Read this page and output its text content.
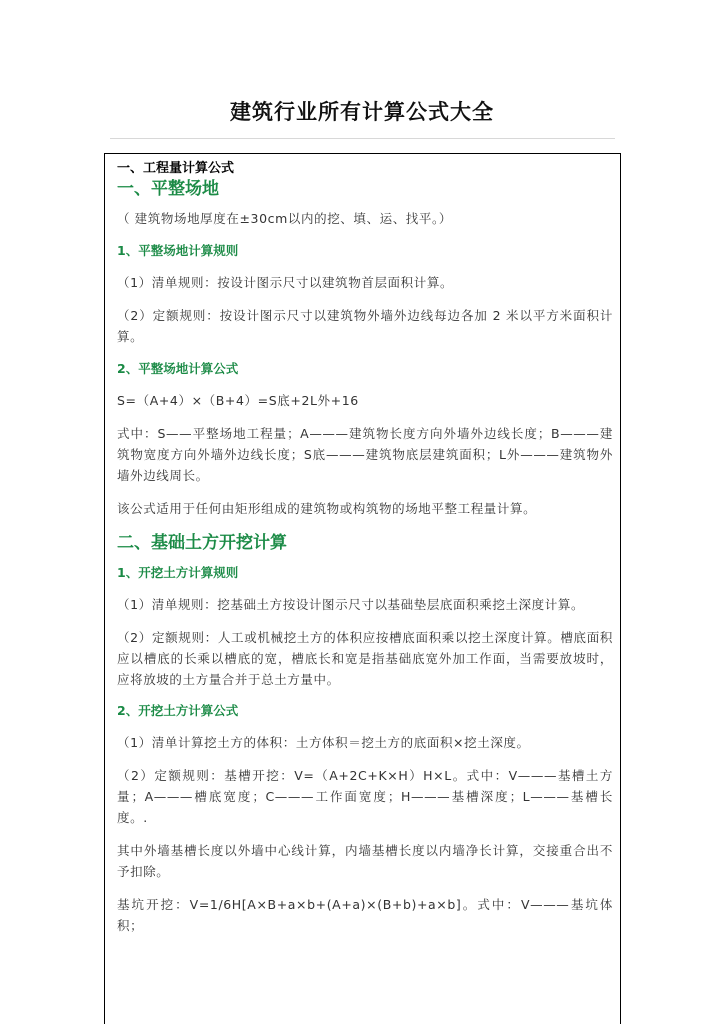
建筑行业所有计算公式大全
一、工程量计算公式
一、平整场地
（ 建筑物场地厚度在±30cm以内的挖、填、运、找平。）
1、平整场地计算规则
（1）清单规则：按设计图示尺寸以建筑物首层面积计算。
（2）定额规则：按设计图示尺寸以建筑物外墙外边线每边各加 2 米以平方米面积计算。
2、平整场地计算公式
S=（A+4）×（B+4）=S底+2L外+16
式中：S——平整场地工程量；A———建筑物长度方向外墙外边线长度；B———建筑物宽度方向外墙外边线长度；S底———建筑物底层建筑面积；L外———建筑物外墙外边线周长。
该公式适用于任何由矩形组成的建筑物或构筑物的场地平整工程量计算。
二、基础土方开挖计算
1、开挖土方计算规则
（1）清单规则：挖基础土方按设计图示尺寸以基础垫层底面积乘挖土深度计算。
（2）定额规则：人工或机械挖土方的体积应按槽底面积乘以挖土深度计算。槽底面积应以槽底的长乘以槽底的宽，槽底长和宽是指基础底宽外加工作面，当需要放坡时，应将放坡的土方量合并于总土方量中。
2、开挖土方计算公式
（1）清单计算挖土方的体积：土方体积＝挖土方的底面积×挖土深度。
（2）定额规则：基槽开挖：V=（A+2C+K×H）H×L。式中：V———基槽土方量；A———槽底宽度；C———工作面宽度；H———基槽深度；L———基槽长度。.
其中外墙基槽长度以外墙中心线计算，内墙基槽长度以内墙净长计算，交接重合出不予扣除。
基坑开挖：V=1/6H[A×B+a×b+(A+a)×(B+b)+a×b]。式中：V———基坑体积；
